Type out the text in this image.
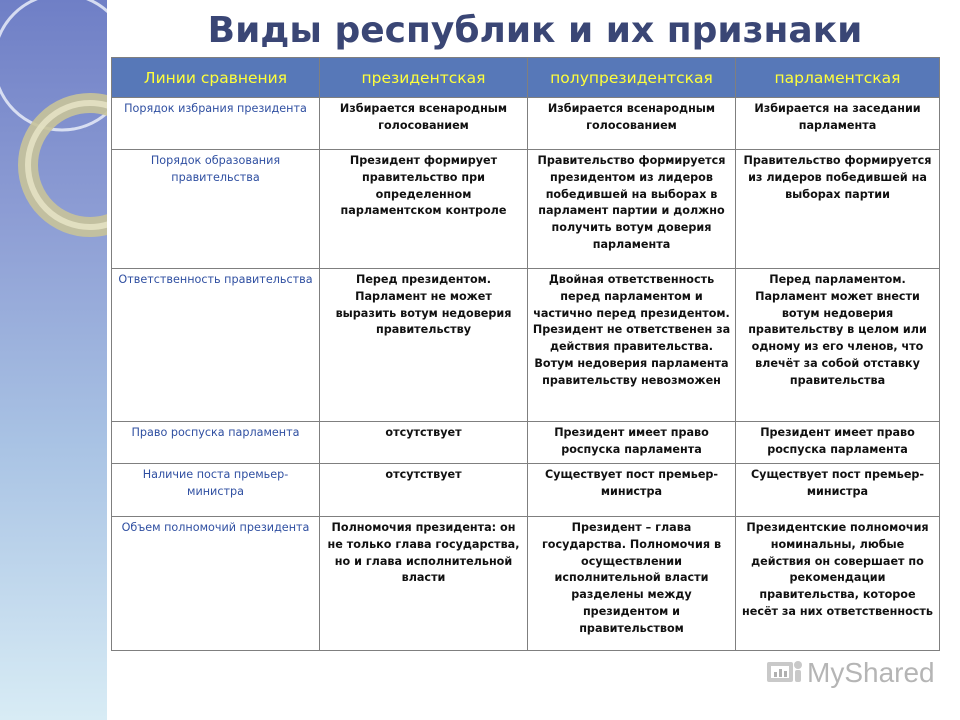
Виды республик и их признаки
Линии сравнения	президентская	полупрезидентская	парламентская
Порядок избрания президента	Избирается всенародным голосованием	Избирается всенародным голосованием	Избирается на заседании парламента
Порядок образования правительства	Президент формирует правительство при определенном парламентском контроле	Правительство формируется президентом из лидеров победившей на выборах в парламент партии и должно получить вотум доверия парламента	Правительство формируется из лидеров победившей на выборах партии
Ответственность правительства	Перед президентом. Парламент не может выразить вотум недоверия правительству	Двойная ответственность перед парламентом и частично перед президентом. Президент не ответственен за действия правительства. Вотум недоверия парламента правительству невозможен	Перед парламентом. Парламент может внести вотум недоверия правительству в целом или одному из его членов, что влечёт за собой отставку правительства
Право роспуска парламента	отсутствует	Президент имеет право роспуска парламента	Президент имеет право роспуска парламента
Наличие поста премьер-министра	отсутствует	Существует пост премьер-министра	Существует пост премьер-министра
Объем полномочий президента	Полномочия президента: он не только глава государства, но и глава исполнительной власти	Президент – глава государства. Полномочия в осуществлении исполнительной власти разделены между президентом и правительством	Президентские полномочия номинальны, любые действия он совершает по рекомендации правительства, которое несёт за них ответственность
MyShared
